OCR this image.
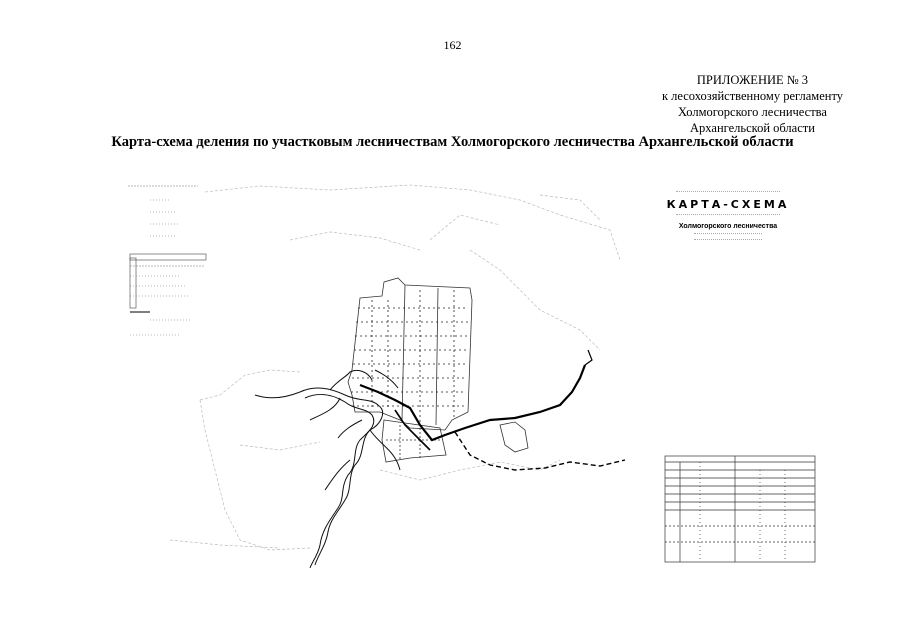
162
ПРИЛОЖЕНИЕ № 3
к лесохозяйственному регламенту
Холмогорского лесничества
Архангельской области
Карта-схема деления по участковым лесничествам Холмогорского лесничества Архангельской области
КАРТА-СХЕМА
Холмогорского лесничества
